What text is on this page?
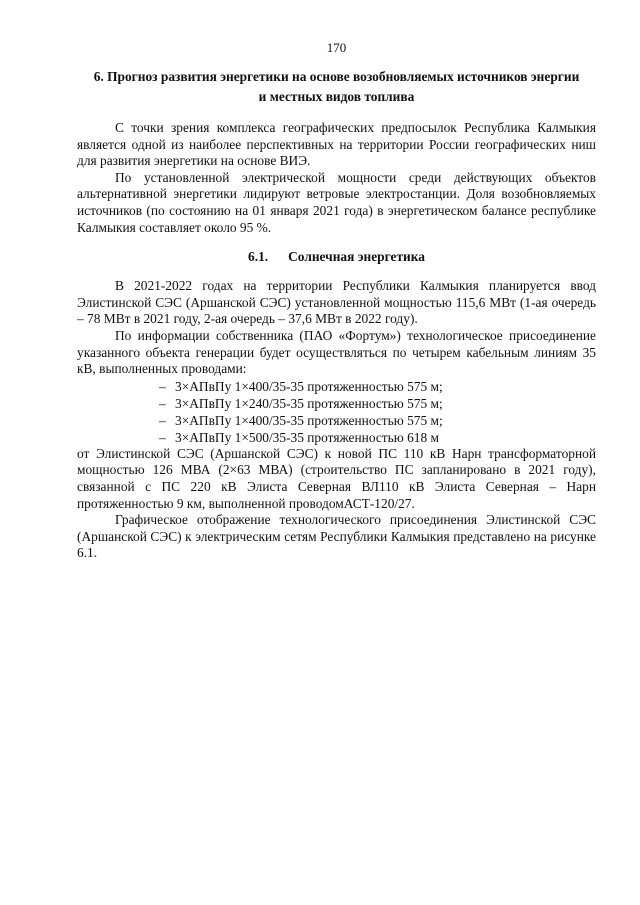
170
6. Прогноз развития энергетики на основе возобновляемых источников энергии
и местных видов топлива

С точки зрения комплекса географических предпосылок Республика Калмыкия является одной из наиболее перспективных на территории России географических ниш для развития энергетики на основе ВИЭ.

По установленной электрической мощности среди действующих объектов альтернативной энергетики лидируют ветровые электростанции. Доля возобновляемых источников (по состоянию на 01 января 2021 года) в энергетическом балансе республике Калмыкия составляет около 95 %.

6.1. Солнечная энергетика

В 2021-2022 годах на территории Республики Калмыкия планируется ввод Элистинской СЭС (Аршанской СЭС) установленной мощностью 115,6 МВт (1-ая очередь – 78 МВт в 2021 году, 2-ая очередь – 37,6 МВт в 2022 году).

По информации собственника (ПАО «Фортум») технологическое присоединение указанного объекта генерации будет осуществляться по четырем кабельным линиям 35 кВ, выполненных проводами:

– 3×АПвПу 1×400/35-35 протяженностью 575 м;
– 3×АПвПу 1×240/35-35 протяженностью 575 м;
– 3×АПвПу 1×400/35-35 протяженностью 575 м;
– 3×АПвПу 1×500/35-35 протяженностью 618 м

от Элистинской СЭС (Аршанской СЭС) к новой ПС 110 кВ Нарн трансформаторной мощностью 126 МВА (2×63 МВА) (строительство ПС запланировано в 2021 году), связанной с ПС 220 кВ Элиста Северная ВЛ110 кВ Элиста Северная – Нарн протяженностью 9 км, выполненной проводомАСТ-120/27.

Графическое отображение технологического присоединения Элистинской СЭС (Аршанской СЭС) к электрическим сетям Республики Калмыкия представлено на рисунке 6.1.
